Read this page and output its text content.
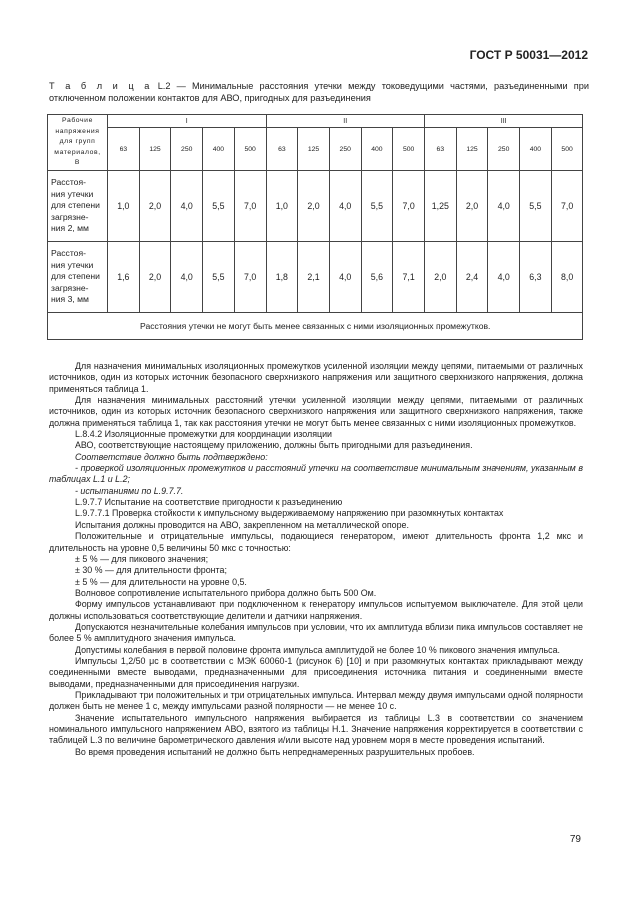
ГОСТ Р 50031—2012
Т а б л и ц а L.2 — Минимальные расстояния утечки между токоведущими частями, разъединенными при отключенном положении контактов для АВО, пригодных для разъединения
Рабочие
напряжения
для групп
материалов,
В	I					II					III				
	63	125	250	400	500	63	125	250	400	500	63	125	250	400	500

Расстоя-
ния утечки
для степени
загрязне-
ния 2, мм	1,0	2,0	4,0	5,5	7,0	1,0	2,0	4,0	5,5	7,0	1,25	2,0	4,0	5,5	7,0

Расстоя-
ния утечки
для степени
загрязне-
ния 3, мм	1,6	2,0	4,0	5,5	7,0	1,8	2,1	4,0	5,6	7,1	2,0	2,4	4,0	6,3	8,0
Расстояния утечки не могут быть менее связанных с ними изоляционных промежутков.															

Для назначения минимальных изоляционных промежутков усиленной изоляции между цепями, питаемыми от различных источников, один из которых источник безопасного сверхнизкого напряжения или защитного сверхнизкого напряжения, должна применяться таблица 1.

Для назначения минимальных расстояний утечки усиленной изоляции между цепями, питаемыми от различных источников, один из которых источник безопасного сверхнизкого напряжения или защитного сверхнизкого напряжения, также должна применяться таблица 1, так как расстояния утечки не могут быть менее связанных с ними изоляционных промежутков.

L.8.4.2 Изоляционные промежутки для координации изоляции

АВО, соответствующие настоящему приложению, должны быть пригодными для разъединения.

Соответствие должно быть подтверждено:

- проверкой изоляционных промежутков и расстояний утечки на соответствие минимальным значениям, указанным в таблицах L.1 и L.2;

- испытаниями по L.9.7.7.

L.9.7.7 Испытание на соответствие пригодности к разъединению

L.9.7.7.1 Проверка стойкости к импульсному выдерживаемому напряжению при разомкнутых контактах

Испытания должны проводится на АВО, закрепленном на металлической опоре.

Положительные и отрицательные импульсы, подающиеся генератором, имеют длительность фронта 1,2 мкс и длительность на уровне 0,5 величины 50 мкс с точностью:

± 5 % — для пикового значения;

± 30 % — для длительности фронта;

± 5 % — для длительности на уровне 0,5.

Волновое сопротивление испытательного прибора должно быть 500 Ом.

Форму импульсов устанавливают при подключенном к генератору импульсов испытуемом выключателе. Для этой цели должны использоваться соответствующие делители и датчики напряжения.

Допускаются незначительные колебания импульсов при условии, что их амплитуда вблизи пика импульсов составляет не более 5 % амплитудного значения импульса.

Допустимы колебания в первой половине фронта импульса амплитудой не более 10 % пикового значения импульса.

Импульсы 1,2/50 μc в соответствии с МЭК 60060-1 (рисунок 6) [10] и при разомкнутых контактах прикладывают между соединенными вместе выводами, предназначенными для присоединения источника питания и соединенными вместе выводами, предназначенными для присоединения нагрузки.

Прикладывают три положительных и три отрицательных импульса. Интервал между двумя импульсами одной полярности должен быть не менее 1 с, между импульсами разной полярности — не менее 10 с.

Значение испытательного импульсного напряжения выбирается из таблицы L.3 в соответствии со значением номинального импульсного напряжением АВО, взятого из таблицы Н.1. Значение напряжения корректируется в соответствии с таблицей L.3 по величине барометрического давления и/или высоте над уровнем моря в месте проведения испытаний.

Во время проведения испытаний не должно быть непреднамеренных разрушительных пробоев.

79
